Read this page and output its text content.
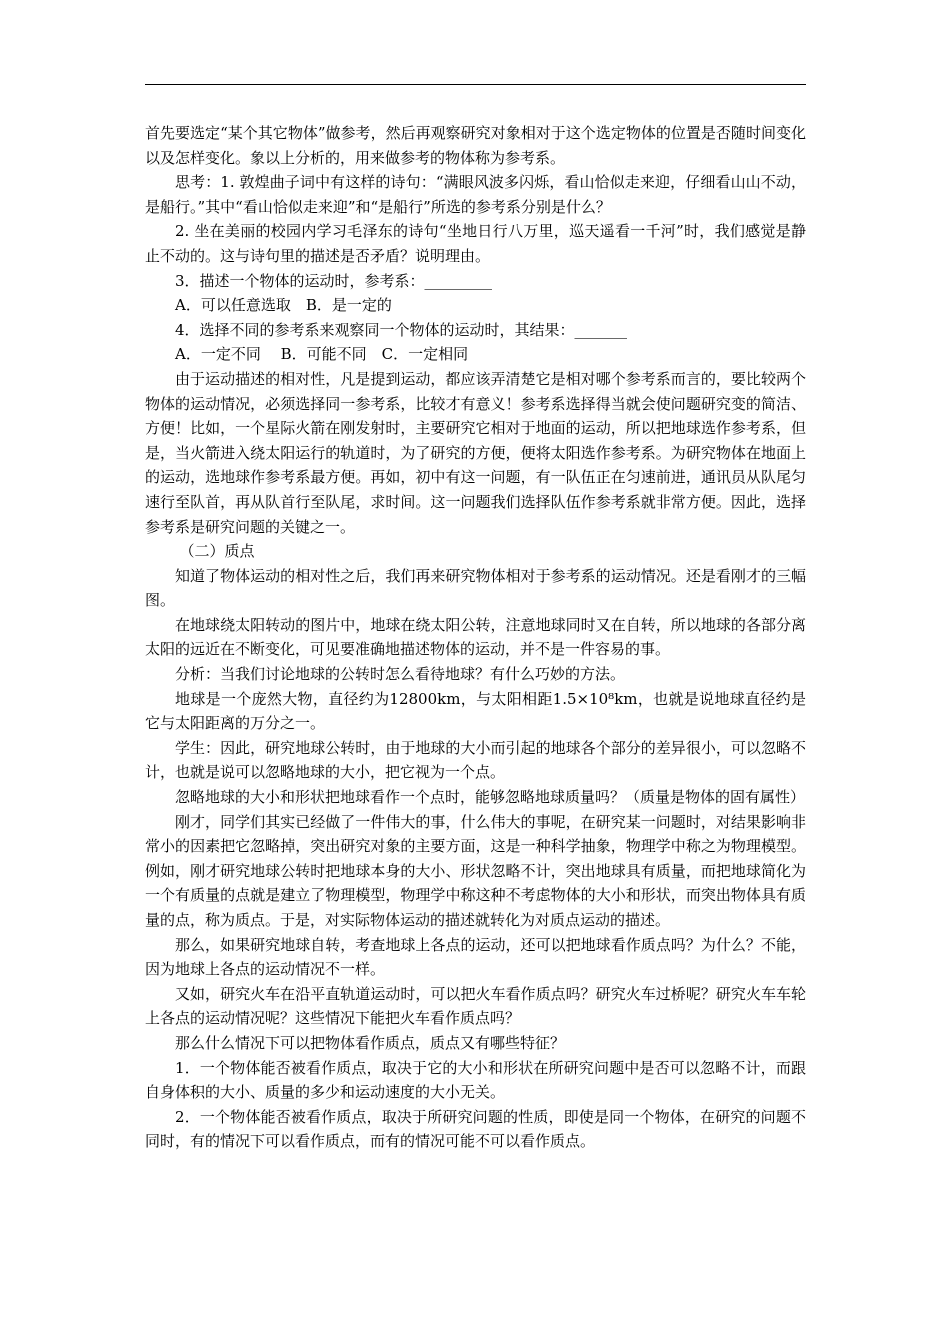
首先要选定“某个其它物体”做参考，然后再观察研究对象相对于这个选定物体的位置是否随时间变化以及怎样变化。象以上分析的，用来做参考的物体称为参考系。

思考：1. 敦煌曲子词中有这样的诗句：“满眼风波多闪烁，看山恰似走来迎，仔细看山山不动，是船行。”其中“看山恰似走来迎”和“是船行”所选的参考系分别是什么？

2. 坐在美丽的校园内学习毛泽东的诗句“坐地日行八万里，巡天遥看一千河”时，我们感觉是静止不动的。这与诗句里的描述是否矛盾？说明理由。

3．描述一个物体的运动时，参考系：_________

A．可以任意选取　B．是一定的

4．选择不同的参考系来观察同一个物体的运动时，其结果：_______

A．一定不同　 B．可能不同　C．一定相同

由于运动描述的相对性，凡是提到运动，都应该弄清楚它是相对哪个参考系而言的，要比较两个物体的运动情况，必须选择同一参考系，比较才有意义！参考系选择得当就会使问题研究变的简洁、方便！比如，一个星际火箭在刚发射时，主要研究它相对于地面的运动，所以把地球选作参考系，但是，当火箭进入绕太阳运行的轨道时，为了研究的方便，便将太阳选作参考系。为研究物体在地面上的运动，选地球作参考系最方便。再如，初中有这一问题，有一队伍正在匀速前进，通讯员从队尾匀速行至队首，再从队首行至队尾，求时间。这一问题我们选择队伍作参考系就非常方便。因此，选择参考系是研究问题的关键之一。

（二）质点

知道了物体运动的相对性之后，我们再来研究物体相对于参考系的运动情况。还是看刚才的三幅图。

在地球绕太阳转动的图片中，地球在绕太阳公转，注意地球同时又在自转，所以地球的各部分离太阳的远近在不断变化，可见要准确地描述物体的运动，并不是一件容易的事。

分析：当我们讨论地球的公转时怎么看待地球？有什么巧妙的方法。

地球是一个庞然大物，直径约为12800km，与太阳相距1.5×10⁸km，也就是说地球直径约是它与太阳距离的万分之一。

学生：因此，研究地球公转时，由于地球的大小而引起的地球各个部分的差异很小，可以忽略不计，也就是说可以忽略地球的大小，把它视为一个点。

忽略地球的大小和形状把地球看作一个点时，能够忽略地球质量吗？（质量是物体的固有属性）

刚才，同学们其实已经做了一件伟大的事，什么伟大的事呢，在研究某一问题时，对结果影响非常小的因素把它忽略掉，突出研究对象的主要方面，这是一种科学抽象，物理学中称之为物理模型。例如，刚才研究地球公转时把地球本身的大小、形状忽略不计，突出地球具有质量，而把地球简化为一个有质量的点就是建立了物理模型，物理学中称这种不考虑物体的大小和形状，而突出物体具有质量的点，称为质点。于是，对实际物体运动的描述就转化为对质点运动的描述。

那么，如果研究地球自转，考查地球上各点的运动，还可以把地球看作质点吗？为什么？不能，因为地球上各点的运动情况不一样。

又如，研究火车在沿平直轨道运动时，可以把火车看作质点吗？研究火车过桥呢？研究火车车轮上各点的运动情况呢？这些情况下能把火车看作质点吗？

那么什么情况下可以把物体看作质点，质点又有哪些特征？

1．一个物体能否被看作质点，取决于它的大小和形状在所研究问题中是否可以忽略不计，而跟自身体积的大小、质量的多少和运动速度的大小无关。

2．一个物体能否被看作质点，取决于所研究问题的性质，即使是同一个物体，在研究的问题不同时，有的情况下可以看作质点，而有的情况可能不可以看作质点。
